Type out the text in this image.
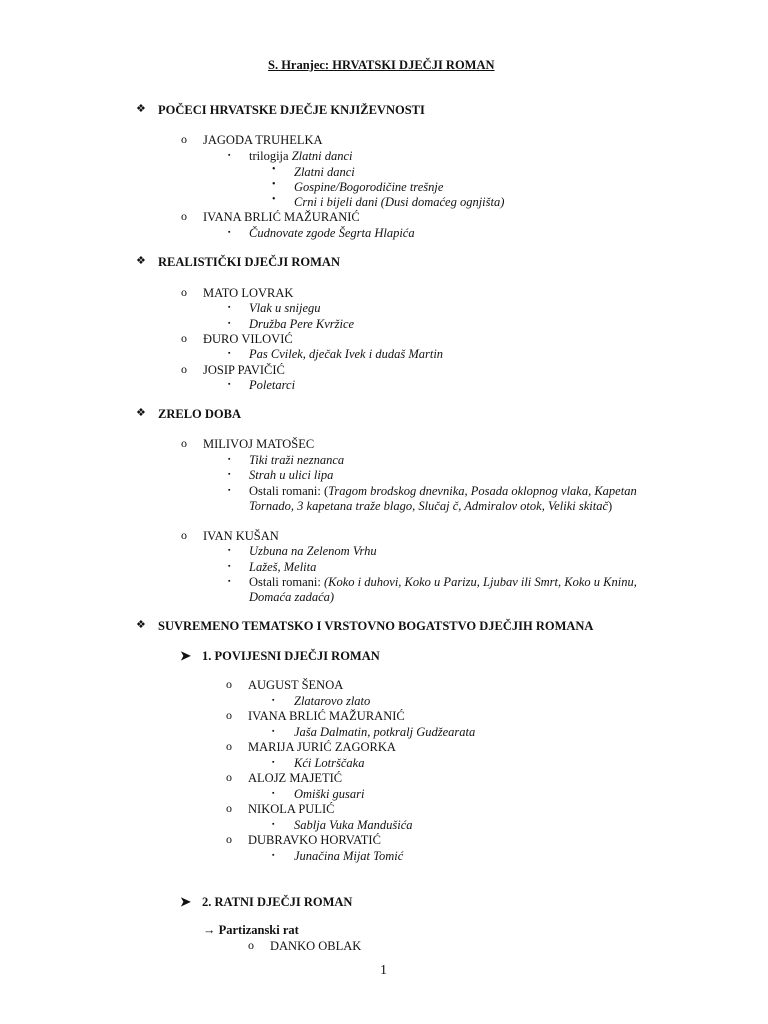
S. Hranjec: HRVATSKI DJEČJI ROMAN
❖ POČECI HRVATSKE DJEČJE KNJIŽEVNOSTI
o JAGODA TRUHELKA
▪ trilogija Zlatni danci
• Zlatni danci
• Gospine/Bogorodičine trešnje
• Crni i bijeli dani (Dusi domaćeg ognjišta)
o IVANA BRLIĆ MAŽURANIĆ
▪ Čudnovate zgode Šegrta Hlapića
❖ REALISTIČKI DJEČJI ROMAN
o MATO LOVRAK
▪ Vlak u snijegu
▪ Družba Pere Kvržice
o ĐURO VILOVIĆ
▪ Pas Cvilek, dječak Ivek i dudaš Martin
o JOSIP PAVIČIĆ
▪ Poletarci
❖ ZRELO DOBA
o MILIVOJ MATOŠEC
▪ Tiki traži neznanca
▪ Strah u ulici lipa
▪ Ostali romani: (Tragom brodskog dnevnika, Posada oklopnog vlaka, Kapetan
Tornado, 3 kapetana traže blago, Slučaj č, Admiralov otok, Veliki skitač)
o IVAN KUŠAN
▪ Uzbuna na Zelenom Vrhu
▪ Lažeš, Melita
▪ Ostali romani: (Koko i duhovi, Koko u Parizu, Ljubav ili Smrt, Koko u Kninu,
Domaća zadaća)
❖ SUVREMENO TEMATSKO I VRSTOVNO BOGATSTVO DJEČJIH ROMANA
➤ 1. POVIJESNI DJEČJI ROMAN
o AUGUST ŠENOA
▪ Zlatarovo zlato
o IVANA BRLIĆ MAŽURANIĆ
▪ Jaša Dalmatin, potkralj Gudžearata
o MARIJA JURIĆ ZAGORKA
▪ Kći Lotrščaka
o ALOJZ MAJETIĆ
▪ Omiški gusari
o NIKOLA PULIĆ
▪ Sablja Vuka Mandušića
o DUBRAVKO HORVATIĆ
▪ Junačina Mijat Tomić
➤ 2. RATNI DJEČJI ROMAN
→ Partizanski rat
o DANKO OBLAK
1
